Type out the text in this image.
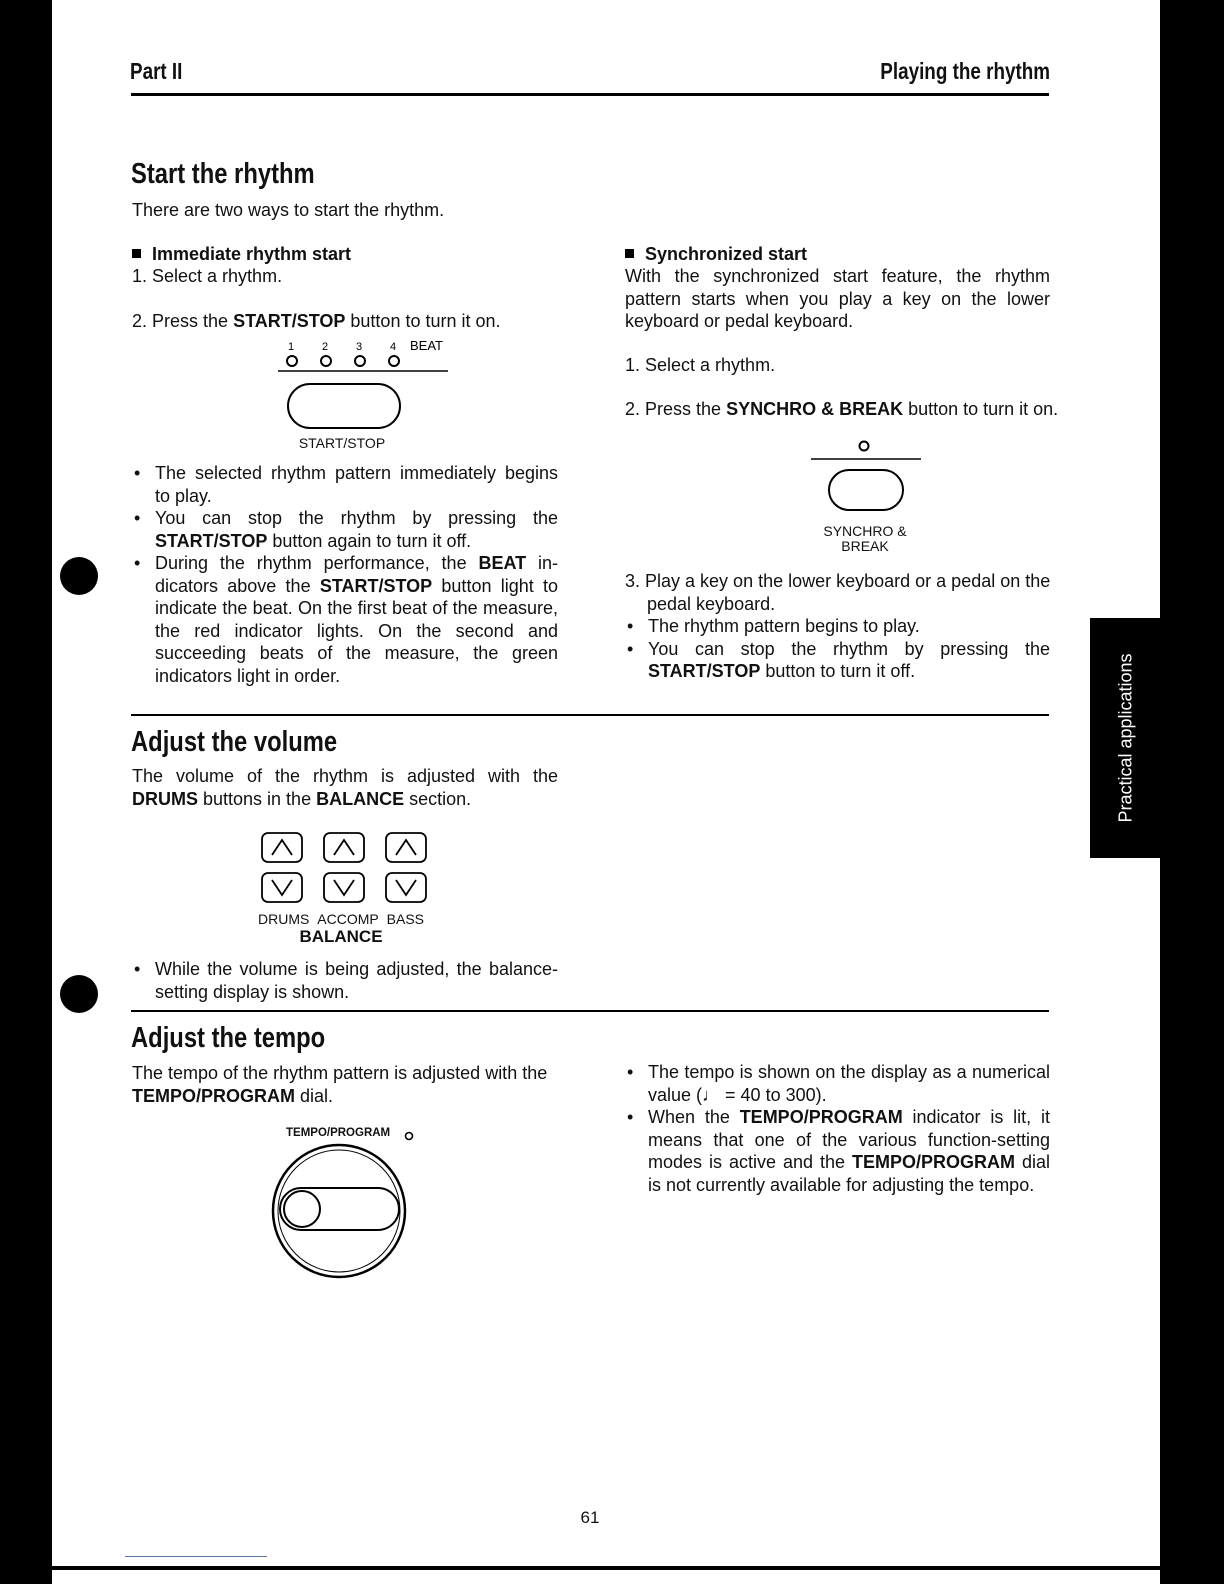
Practical applications
Part II	Playing the rhythm
Start the rhythm

There are two ways to start the rhythm.

Immediate rhythm start

1. Select a rhythm.

2. Press the START/STOP button to turn it on.

1	2	3	4 BEAT
START/STOP
• The selected rhythm pattern immediately begins to play.
• You can stop the rhythm by pressing the START/STOP button again to turn it off.
• During the rhythm performance, the BEAT indicators above the START/STOP button light to indicate the beat. On the first beat of the measure, the red indicator lights. On the second and succeeding beats of the measure, the green indicators light in order.

Synchronized start

With the synchronized start feature, the rhythm pattern starts when you play a key on the lower keyboard or pedal keyboard.

1. Select a rhythm.

2. Press the SYNCHRO & BREAK button to turn it on.

SYNCHRO &
BREAK

3. Play a key on the lower keyboard or a pedal on the pedal keyboard.

• The rhythm pattern begins to play.
• You can stop the rhythm by pressing the START/STOP button to turn it off.
Adjust the volume

The volume of the rhythm is adjusted with the DRUMS buttons in the BALANCE section.

DRUMS ACCOMP BASS
BALANCE
• While the volume is being adjusted, the balance-setting display is shown.
Adjust the tempo

The tempo of the rhythm pattern is adjusted with the TEMPO/PROGRAM dial.

TEMPO/PROGRAM
• The tempo is shown on the display as a numerical value (♩ = 40 to 300).
• When the TEMPO/PROGRAM indicator is lit, it means that one of the various function-setting modes is active and the TEMPO/PROGRAM dial is not currently available for adjusting the tempo.
61
